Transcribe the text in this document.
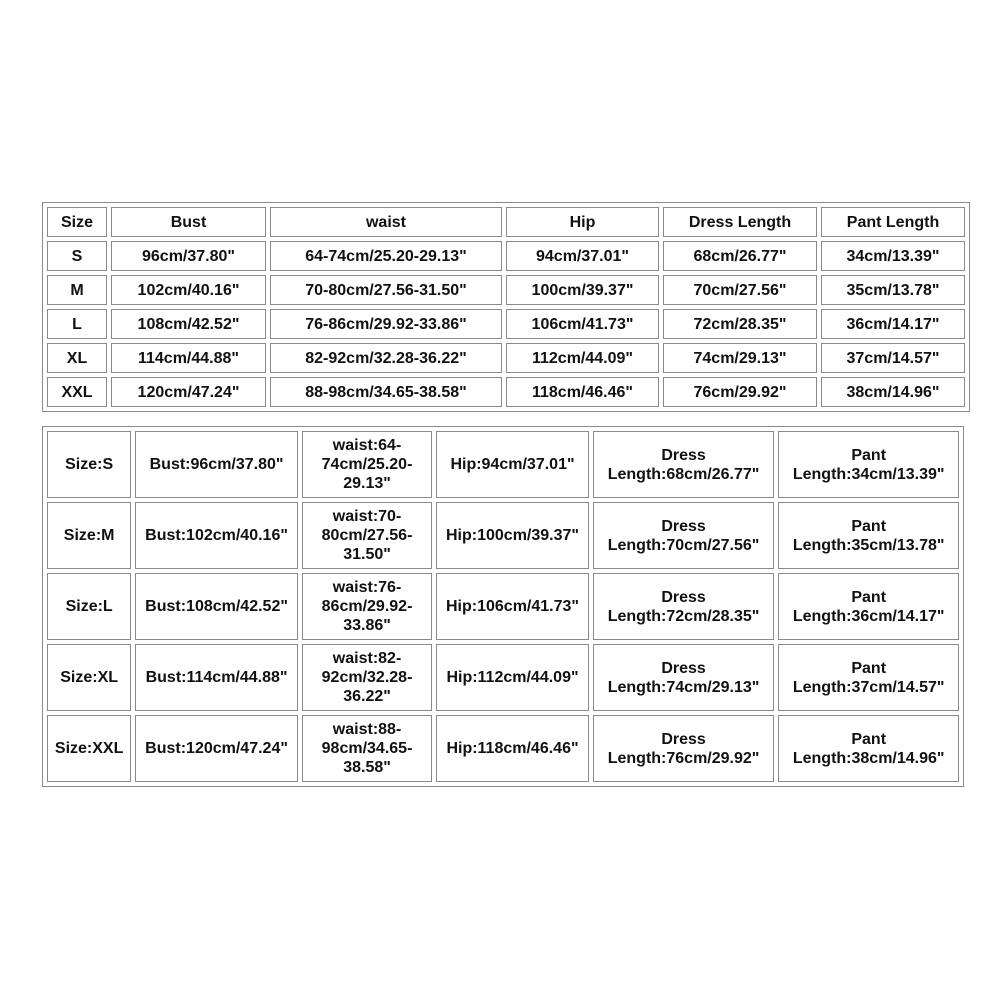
Size	Bust	waist	Hip	Dress Length	Pant Length
S	96cm/37.80"	64-74cm/25.20-29.13"	94cm/37.01"	68cm/26.77"	34cm/13.39"
M	102cm/40.16"	70-80cm/27.56-31.50"	100cm/39.37"	70cm/27.56"	35cm/13.78"
L	108cm/42.52"	76-86cm/29.92-33.86"	106cm/41.73"	72cm/28.35"	36cm/14.17"
XL	114cm/44.88"	82-92cm/32.28-36.22"	112cm/44.09"	74cm/29.13"	37cm/14.57"
XXL	120cm/47.24"	88-98cm/34.65-38.58"	118cm/46.46"	76cm/29.92"	38cm/14.96"
Size:S	Bust:96cm/37.80"	waist:64-
74cm/25.20-
29.13"	Hip:94cm/37.01"	Dress
Length:68cm/26.77"	Pant
Length:34cm/13.39"
Size:M	Bust:102cm/40.16"	waist:70-
80cm/27.56-
31.50"	Hip:100cm/39.37"	Dress
Length:70cm/27.56"	Pant
Length:35cm/13.78"
Size:L	Bust:108cm/42.52"	waist:76-
86cm/29.92-
33.86"	Hip:106cm/41.73"	Dress
Length:72cm/28.35"	Pant
Length:36cm/14.17"
Size:XL	Bust:114cm/44.88"	waist:82-
92cm/32.28-
36.22"	Hip:112cm/44.09"	Dress
Length:74cm/29.13"	Pant
Length:37cm/14.57"
Size:XXL	Bust:120cm/47.24"	waist:88-
98cm/34.65-
38.58"	Hip:118cm/46.46"	Dress
Length:76cm/29.92"	Pant
Length:38cm/14.96"
